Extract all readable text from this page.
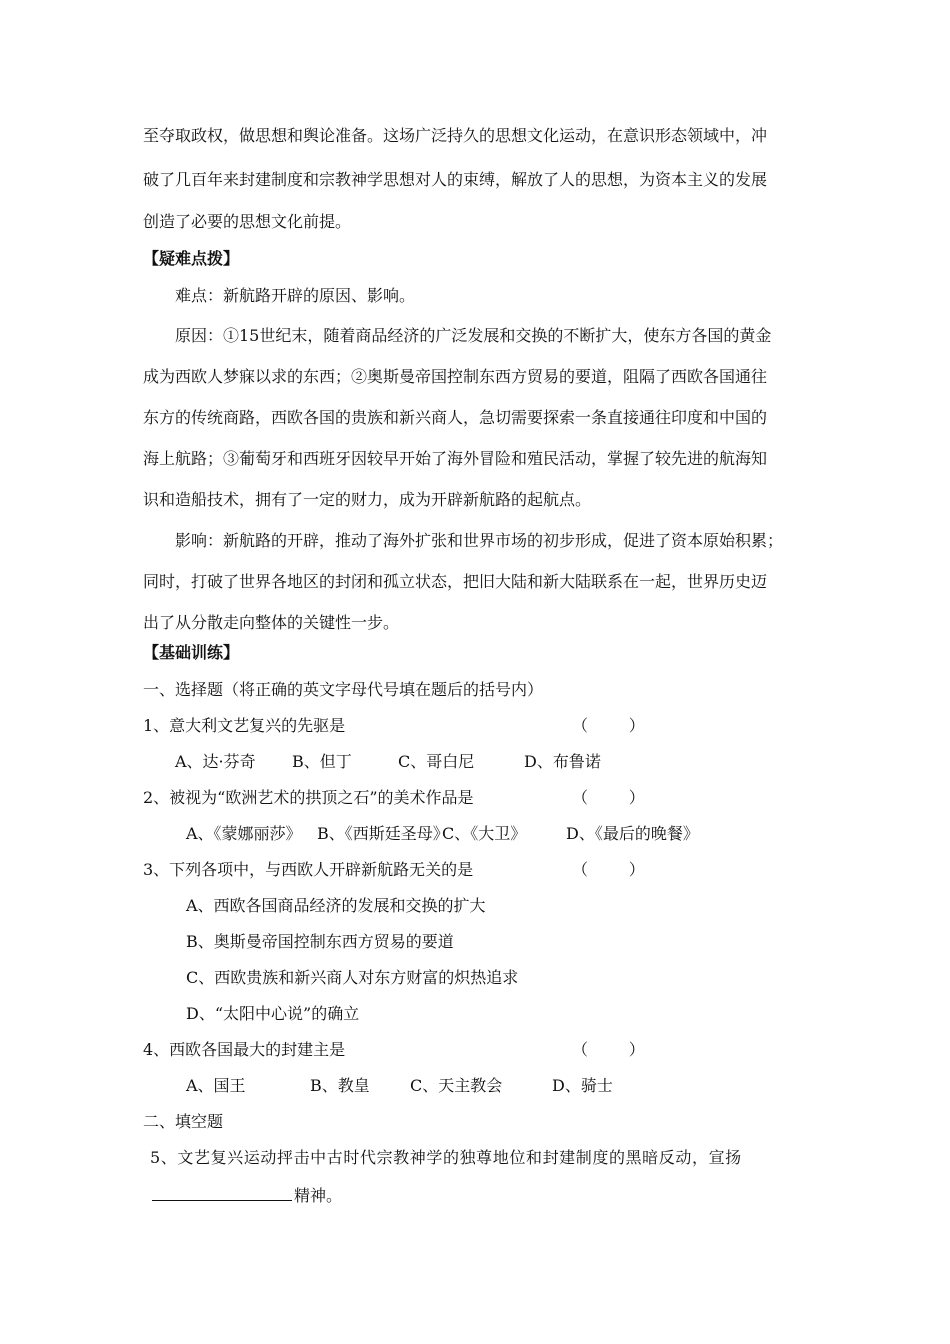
至夺取政权，做思想和舆论准备。这场广泛持久的思想文化运动，在意识形态领域中，冲
破了几百年来封建制度和宗教神学思想对人的束缚，解放了人的思想，为资本主义的发展
创造了必要的思想文化前提。
【疑难点拨】
难点：新航路开辟的原因、影响。
原因：①15世纪末，随着商品经济的广泛发展和交换的不断扩大，使东方各国的黄金
成为西欧人梦寐以求的东西；②奥斯曼帝国控制东西方贸易的要道，阻隔了西欧各国通往
东方的传统商路，西欧各国的贵族和新兴商人，急切需要探索一条直接通往印度和中国的
海上航路；③葡萄牙和西班牙因较早开始了海外冒险和殖民活动，掌握了较先进的航海知
识和造船技术，拥有了一定的财力，成为开辟新航路的起航点。
影响：新航路的开辟，推动了海外扩张和世界市场的初步形成，促进了资本原始积累；
同时，打破了世界各地区的封闭和孤立状态，把旧大陆和新大陆联系在一起，世界历史迈
出了从分散走向整体的关键性一步。
【基础训练】
一、选择题（将正确的英文字母代号填在题后的括号内）
1、意大利文艺复兴的先驱是	（        ）
A、达·芬奇 B、但丁	C、哥白尼	D、布鲁诺
2、被视为“欧洲艺术的拱顶之石”的美术作品是	（        ）
A、《蒙娜丽莎》 B、《西斯廷圣母》C、《大卫》 D、《最后的晚餐》
3、下列各项中，与西欧人开辟新航路无关的是	（        ）
A、西欧各国商品经济的发展和交换的扩大
B、奥斯曼帝国控制东西方贸易的要道
C、西欧贵族和新兴商人对东方财富的炽热追求
D、“太阳中心说”的确立
4、西欧各国最大的封建主是	（        ）
A、国王	B、教皇	C、天主教会	D、骑士
二、填空题
5、文艺复兴运动抨击中古时代宗教神学的独尊地位和封建制度的黑暗反动，宣扬
精神。
